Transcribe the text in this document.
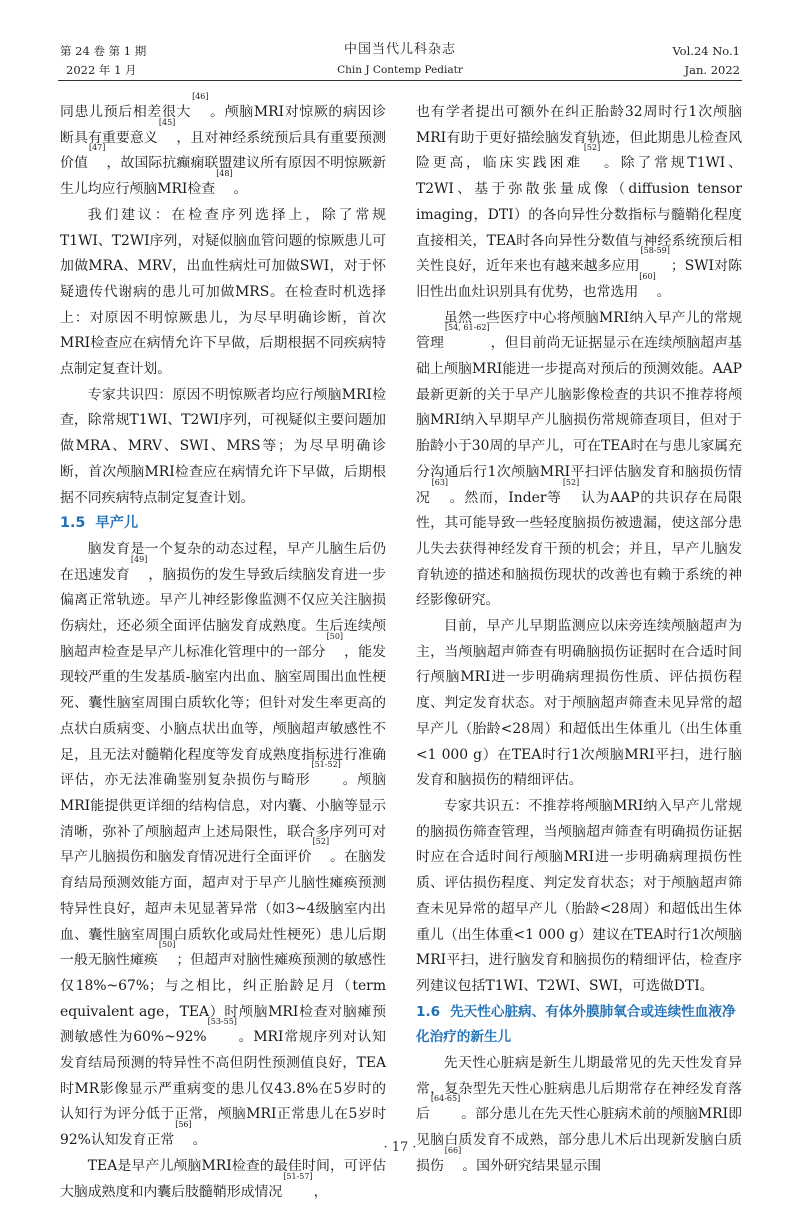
第 24 卷 第 1 期
2022 年 1 月
中国当代儿科杂志
Chin J Contemp Pediatr
Vol.24 No.1
Jan. 2022

同患儿预后相差很大[46]。颅脑MRI对惊厥的病因诊断具有重要意义[45]，且对神经系统预后具有重要预测价值[47]，故国际抗癫痫联盟建议所有原因不明惊厥新生儿均应行颅脑MRI检查[48]。

我们建议：在检查序列选择上，除了常规T1WI、T2WI序列，对疑似脑血管问题的惊厥患儿可加做MRA、MRV，出血性病灶可加做SWI，对于怀疑遗传代谢病的患儿可加做MRS。在检查时机选择上：对原因不明惊厥患儿，为尽早明确诊断，首次MRI检查应在病情允许下早做，后期根据不同疾病特点制定复查计划。

专家共识四：原因不明惊厥者均应行颅脑MRI检查，除常规T1WI、T2WI序列，可视疑似主要问题加做MRA、MRV、SWI、MRS等；为尽早明确诊断，首次颅脑MRI检查应在病情允许下早做，后期根据不同疾病特点制定复查计划。

1.5 早产儿

脑发育是一个复杂的动态过程，早产儿脑生后仍在迅速发育[49]，脑损伤的发生导致后续脑发育进一步偏离正常轨迹。早产儿神经影像监测不仅应关注脑损伤病灶，还必须全面评估脑发育成熟度。生后连续颅脑超声检查是早产儿标准化管理中的一部分[50]，能发现较严重的生发基质-脑室内出血、脑室周围出血性梗死、囊性脑室周围白质软化等；但针对发生率更高的点状白质病变、小脑点状出血等，颅脑超声敏感性不足，且无法对髓鞘化程度等发育成熟度指标进行准确评估，亦无法准确鉴别复杂损伤与畸形[51-52]。颅脑MRI能提供更详细的结构信息，对内囊、小脑等显示清晰，弥补了颅脑超声上述局限性，联合多序列可对早产儿脑损伤和脑发育情况进行全面评价[52]。在脑发育结局预测效能方面，超声对于早产儿脑性瘫痪预测特异性良好，超声未见显著异常（如3~4级脑室内出血、囊性脑室周围白质软化或局灶性梗死）患儿后期一般无脑性瘫痪[50]；但超声对脑性瘫痪预测的敏感性仅18%~67%；与之相比，纠正胎龄足月（term equivalent age，TEA）时颅脑MRI检查对脑瘫预测敏感性为60%~92%[53-55]。MRI常规序列对认知发育结局预测的特异性不高但阴性预测值良好，TEA时MR影像显示严重病变的患儿仅43.8%在5岁时的认知行为评分低于正常，颅脑MRI正常患儿在5岁时92%认知发育正常[56]。

TEA是早产儿颅脑MRI检查的最佳时间，可评估大脑成熟度和内囊后肢髓鞘形成情况[51-57]，

也有学者提出可额外在纠正胎龄32周时行1次颅脑MRI有助于更好描绘脑发育轨迹，但此期患儿检查风险更高，临床实践困难[52]。除了常规T1WI、T2WI、基于弥散张量成像（diffusion tensor imaging，DTI）的各向异性分数指标与髓鞘化程度直接相关，TEA时各向异性分数值与神经系统预后相关性良好，近年来也有越来越多应用[58-59]；SWI对陈旧性出血灶识别具有优势，也常选用[60]。

虽然一些医疗中心将颅脑MRI纳入早产儿的常规管理[54, 61-62]，但目前尚无证据显示在连续颅脑超声基础上颅脑MRI能进一步提高对预后的预测效能。AAP最新更新的关于早产儿脑影像检查的共识不推荐将颅脑MRI纳入早期早产儿脑损伤常规筛查项目，但对于胎龄小于30周的早产儿，可在TEA时在与患儿家属充分沟通后行1次颅脑MRI平扫评估脑发育和脑损伤情况[63]。然而，Inder等[52]认为AAP的共识存在局限性，其可能导致一些轻度脑损伤被遗漏，使这部分患儿失去获得神经发育干预的机会；并且，早产儿脑发育轨迹的描述和脑损伤现状的改善也有赖于系统的神经影像研究。

目前，早产儿早期监测应以床旁连续颅脑超声为主，当颅脑超声筛查有明确脑损伤证据时在合适时间行颅脑MRI进一步明确病理损伤性质、评估损伤程度、判定发育状态。对于颅脑超声筛查未见异常的超早产儿（胎龄<28周）和超低出生体重儿（出生体重<1 000 g）在TEA时行1次颅脑MRI平扫，进行脑发育和脑损伤的精细评估。

专家共识五：不推荐将颅脑MRI纳入早产儿常规的脑损伤筛查管理，当颅脑超声筛查有明确损伤证据时应在合适时间行颅脑MRI进一步明确病理损伤性质、评估损伤程度、判定发育状态；对于颅脑超声筛查未见异常的超早产儿（胎龄<28周）和超低出生体重儿（出生体重<1 000 g）建议在TEA时行1次颅脑MRI平扫，进行脑发育和脑损伤的精细评估，检查序列建议包括T1WI、T2WI、SWI，可选做DTI。

1.6 先天性心脏病、有体外膜肺氧合或连续性血液净化治疗的新生儿

先天性心脏病是新生儿期最常见的先天性发育异常，复杂型先天性心脏病患儿后期常存在神经发育落后[64-65]。部分患儿在先天性心脏病术前的颅脑MRI即见脑白质发育不成熟，部分患儿术后出现新发脑白质损伤[66]。国外研究结果显示围

· 17 ·
